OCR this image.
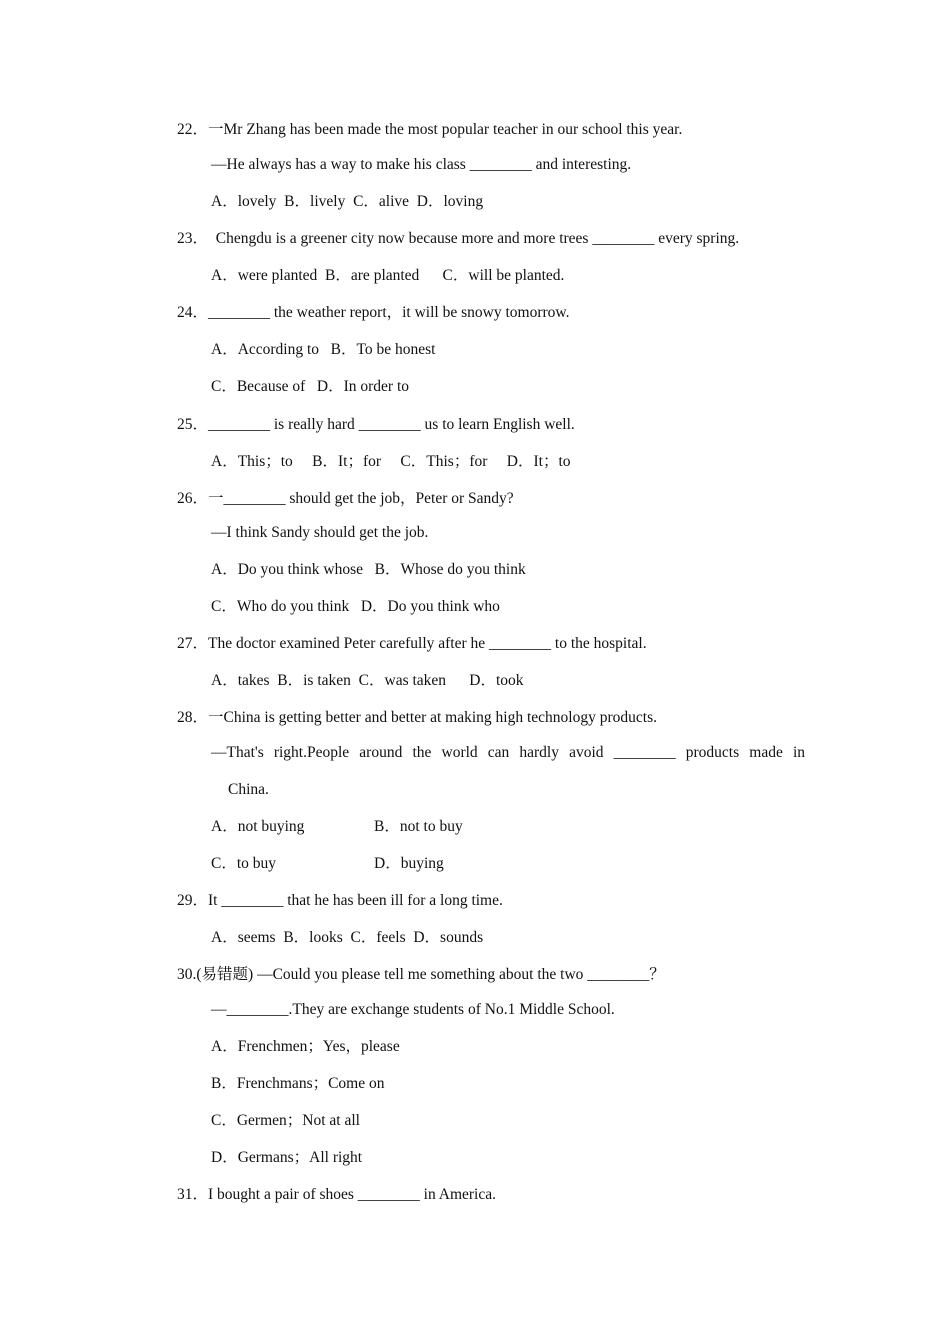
22．一Mr Zhang has been made the most popular teacher in our school this year.
—He always has a way to make his class ________ and interesting.
A．lovely  B．lively  C．alive  D．loving
23．  Chengdu is a greener city now because more and more trees ________ every spring.
A．were planted  B．are planted      C．will be planted.
24．________ the weather report，it will be snowy tomorrow.
A．According to   B．To be honest
C．Because of   D．In order to
25．________ is really hard ________ us to learn English well.
A．This；to     B．It；for     C．This；for     D．It；to
26．一________ should get the job，Peter or Sandy?
—I think Sandy should get the job.
A．Do you think whose   B．Whose do you think
C．Who do you think   D．Do you think who
27．The doctor examined Peter carefully after he ________ to the hospital.
A．takes  B．is taken  C．was taken      D．took
28．一China is getting better and better at making high technology products.
—That's right.People around the world can hardly avoid ________ products made in
China.
A．not buying	B．not to buy
C．to buy	D．buying
29．It ________ that he has been ill for a long time.
A．seems  B．looks  C．feels  D．sounds
30.(易错题) —Could you please tell me something about the two ________？
—________.They are exchange students of No.1 Middle School.
A．Frenchmen；Yes，please
B．Frenchmans；Come on
C．Germen；Not at all
D．Germans；All right
31．I bought a pair of shoes ________ in America.
